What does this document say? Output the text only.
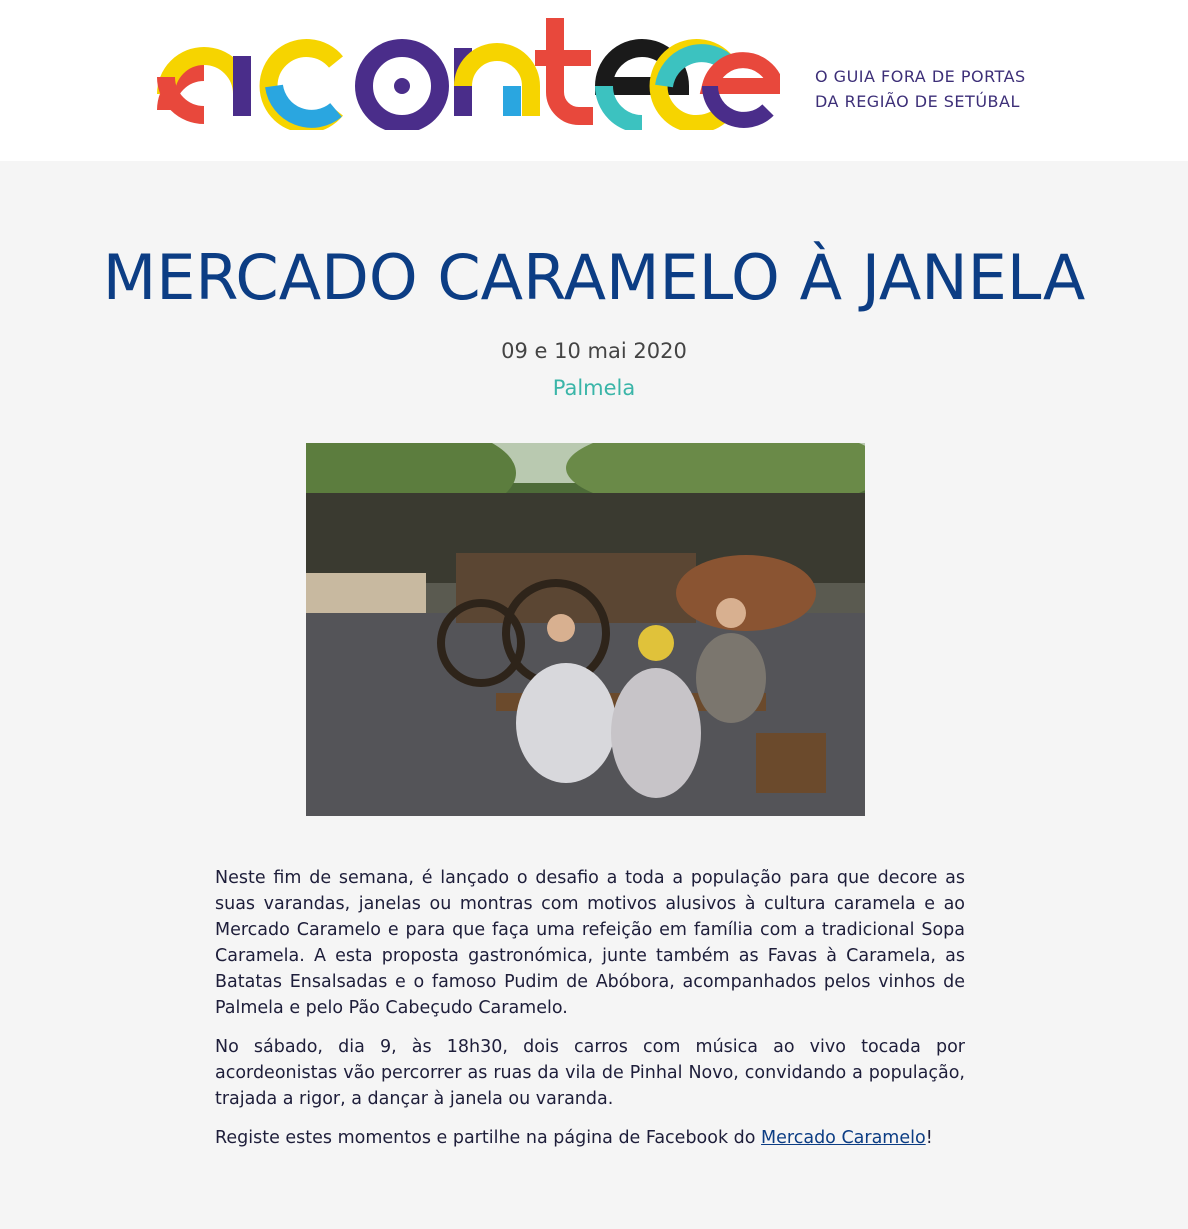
O GUIA FORA DE PORTAS
DA REGIÃO DE SETÚBAL
MERCADO CARAMELO À JANELA
09 e 10 mai 2020
Palmela

Neste fim de semana, é lançado o desafio a toda a população para que decore as suas varandas, janelas ou montras com motivos alusivos à cultura caramela e ao Mercado Caramelo e para que faça uma refeição em família com a tradicional Sopa Caramela. A esta proposta gastronómica, junte também as Favas à Caramela, as Batatas Ensalsadas e o famoso Pudim de Abóbora, acompanhados pelos vinhos de Palmela e pelo Pão Cabeçudo Caramelo.

No sábado, dia 9, às 18h30, dois carros com música ao vivo tocada por acordeonistas vão percorrer as ruas da vila de Pinhal Novo, convidando a população, trajada a rigor, a dançar à janela ou varanda.

Registe estes momentos e partilhe na página de Facebook do Mercado Caramelo!
